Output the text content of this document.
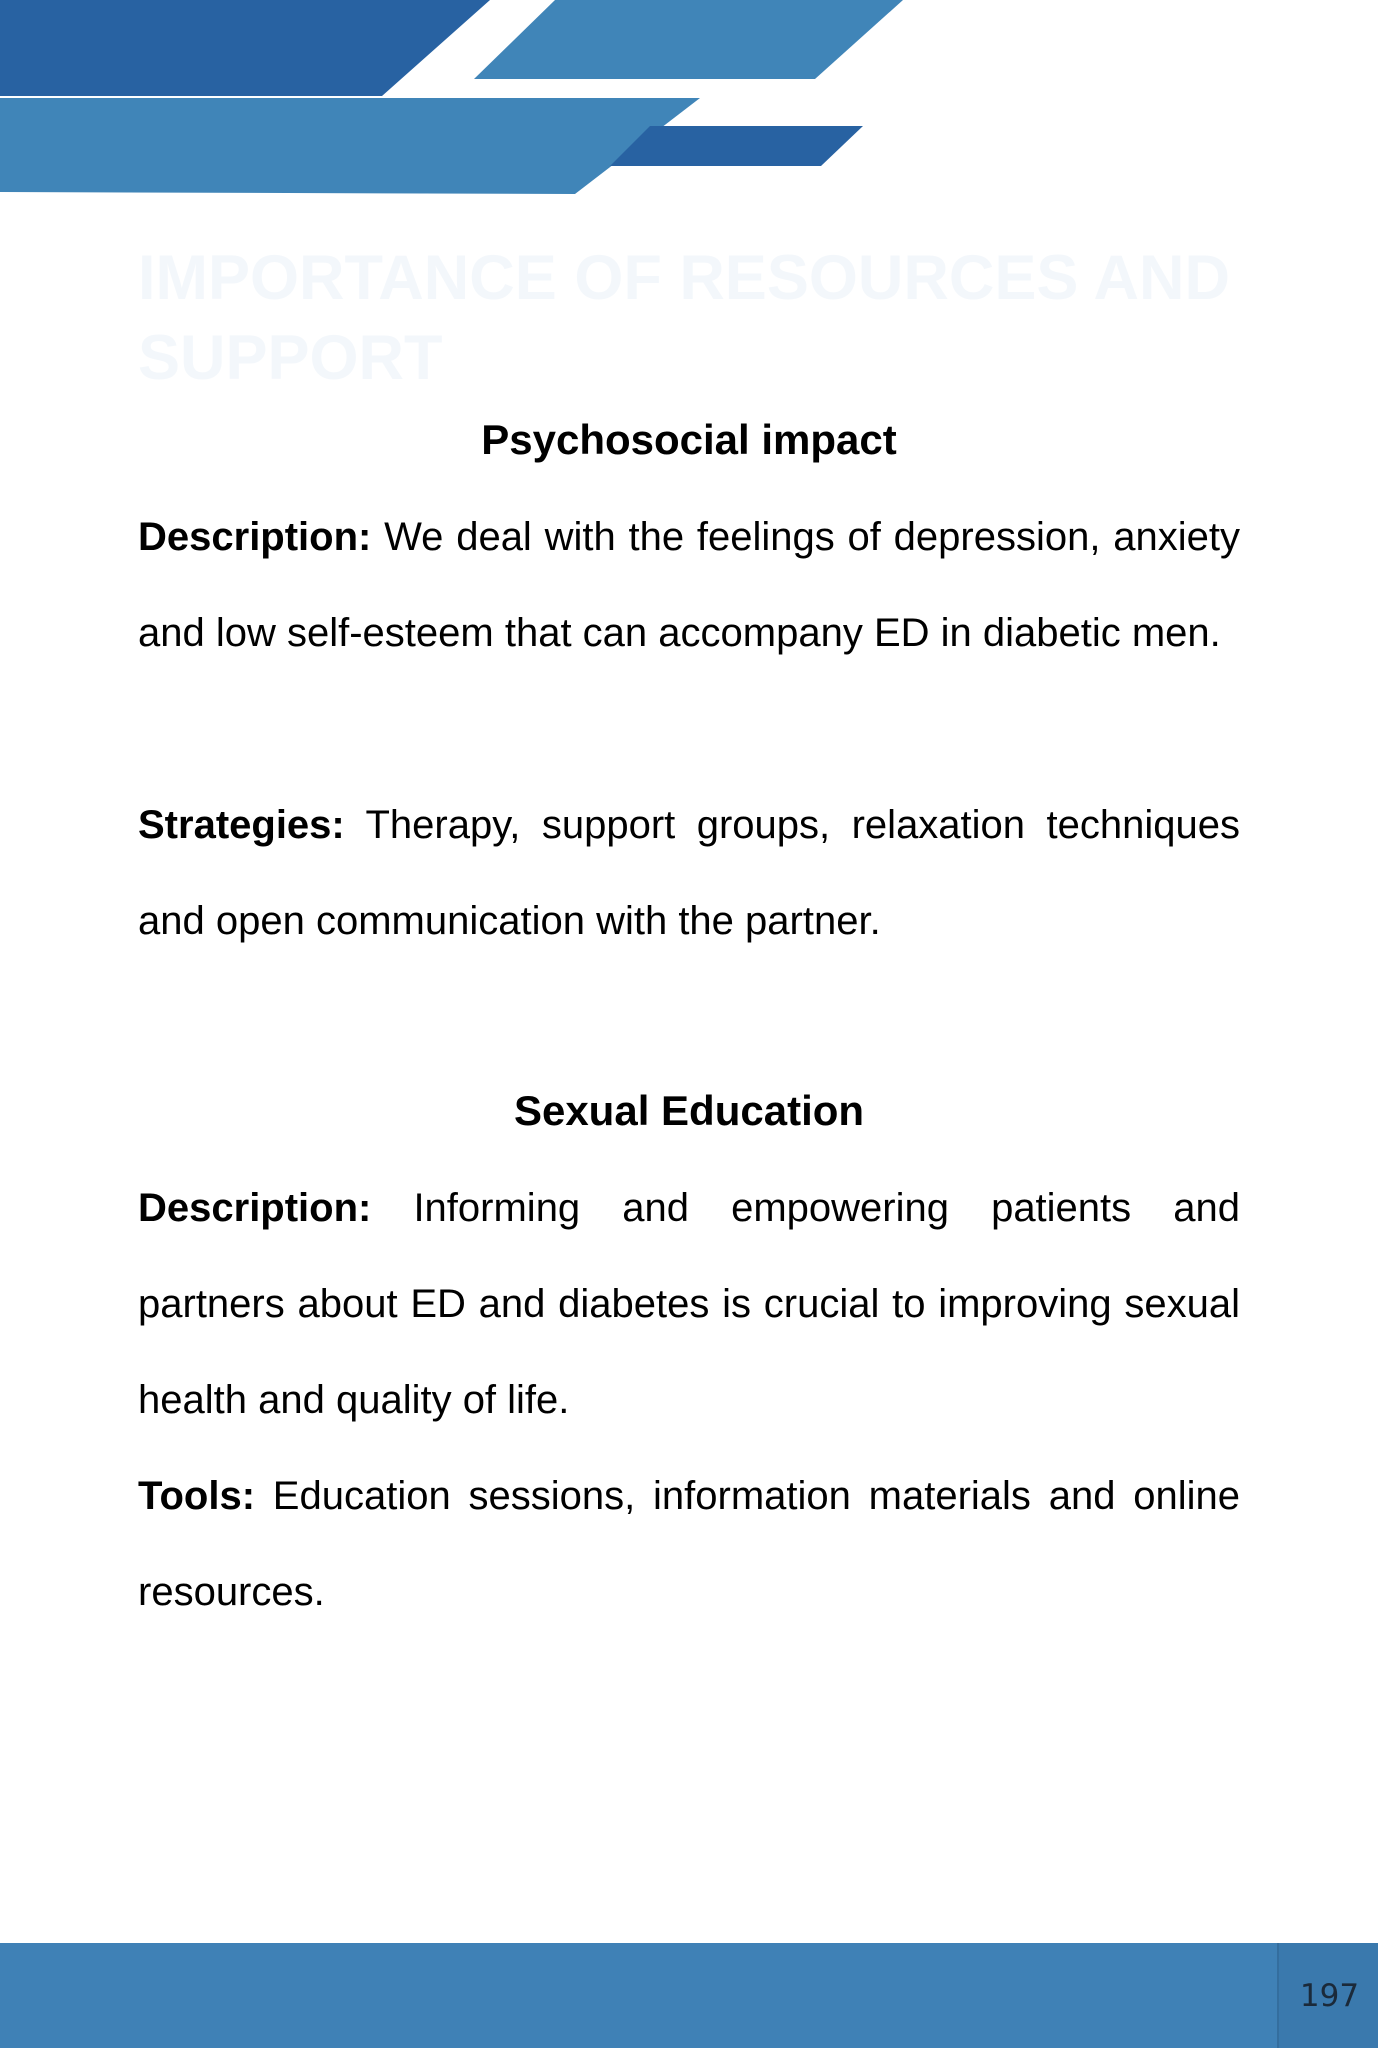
IMPORTANCE OF RESOURCES AND SUPPORT
Psychosocial impact

Description: We deal with the feelings of depression, anxiety and low self-esteem that can accompany ED in diabetic men.

Strategies: Therapy, support groups, relaxation techniques and open communication with the partner.

Sexual Education

Description: Informing and empowering patients and partners about ED and diabetes is crucial to improving sexual health and quality of life.

Tools: Education sessions, information materials and online resources.

197
